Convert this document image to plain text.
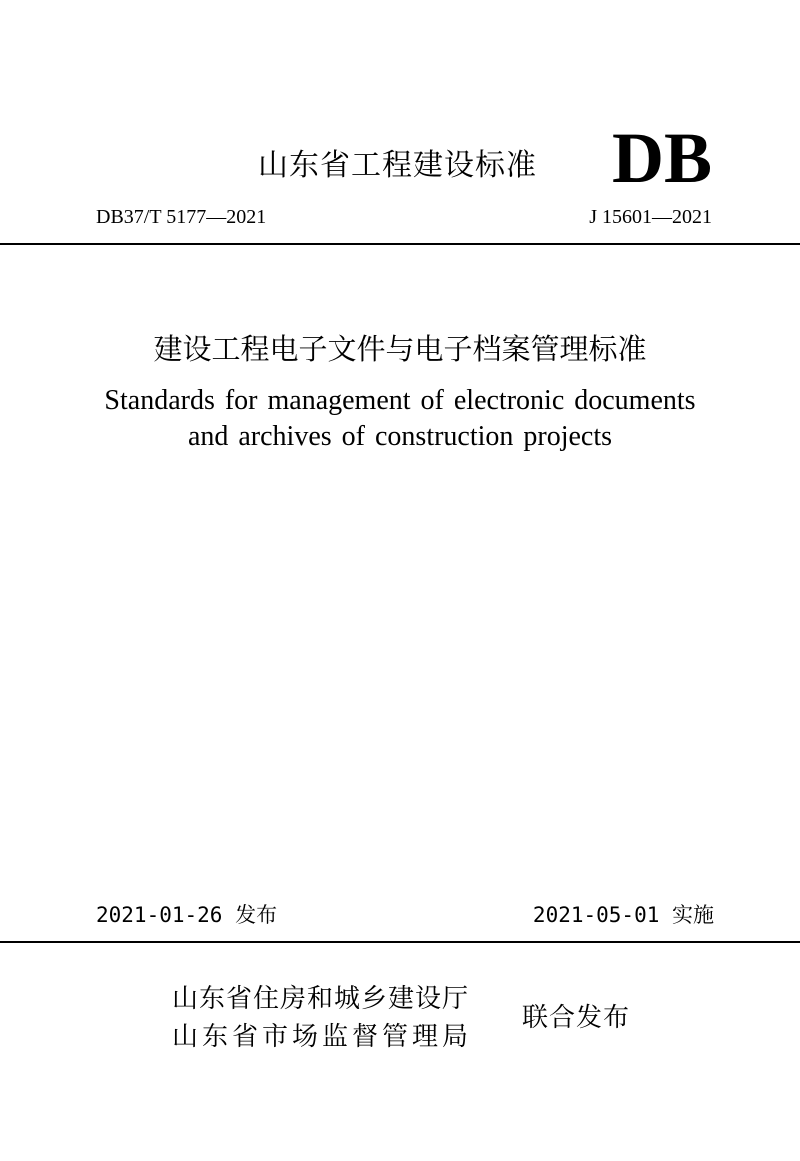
山东省工程建设标准 DB
DB37/T 5177—2021	J 15601—2021
建设工程电子文件与电子档案管理标准
Standards for management of electronic documents
and archives of construction projects
2021-01-26 发布	2021-05-01 实施
山东省住房和城乡建设厅
山东省市场监督管理局
联合发布
